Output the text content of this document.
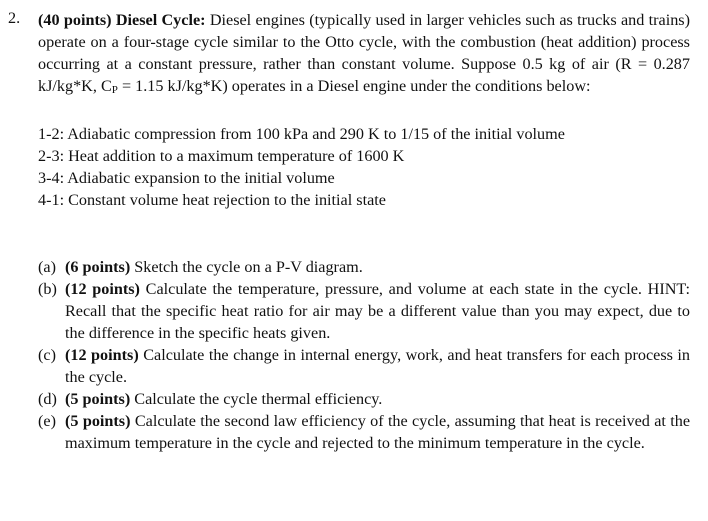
2. (40 points) Diesel Cycle: Diesel engines (typically used in larger vehicles such as trucks and trains) operate on a four-stage cycle similar to the Otto cycle, with the combustion (heat addition) process occurring at a constant pressure, rather than constant volume. Suppose 0.5 kg of air (R = 0.287 kJ/kg*K, CP = 1.15 kJ/kg*K) operates in a Diesel engine under the conditions below:
1-2: Adiabatic compression from 100 kPa and 290 K to 1/15 of the initial volume
2-3: Heat addition to a maximum temperature of 1600 K
3-4: Adiabatic expansion to the initial volume
4-1: Constant volume heat rejection to the initial state
(a) (6 points) Sketch the cycle on a P-V diagram.
(b) (12 points) Calculate the temperature, pressure, and volume at each state in the cycle. HINT: Recall that the specific heat ratio for air may be a different value than you may expect, due to the difference in the specific heats given.
(c) (12 points) Calculate the change in internal energy, work, and heat transfers for each process in the cycle.
(d) (5 points) Calculate the cycle thermal efficiency.
(e) (5 points) Calculate the second law efficiency of the cycle, assuming that heat is received at the maximum temperature in the cycle and rejected to the minimum temperature in the cycle.
